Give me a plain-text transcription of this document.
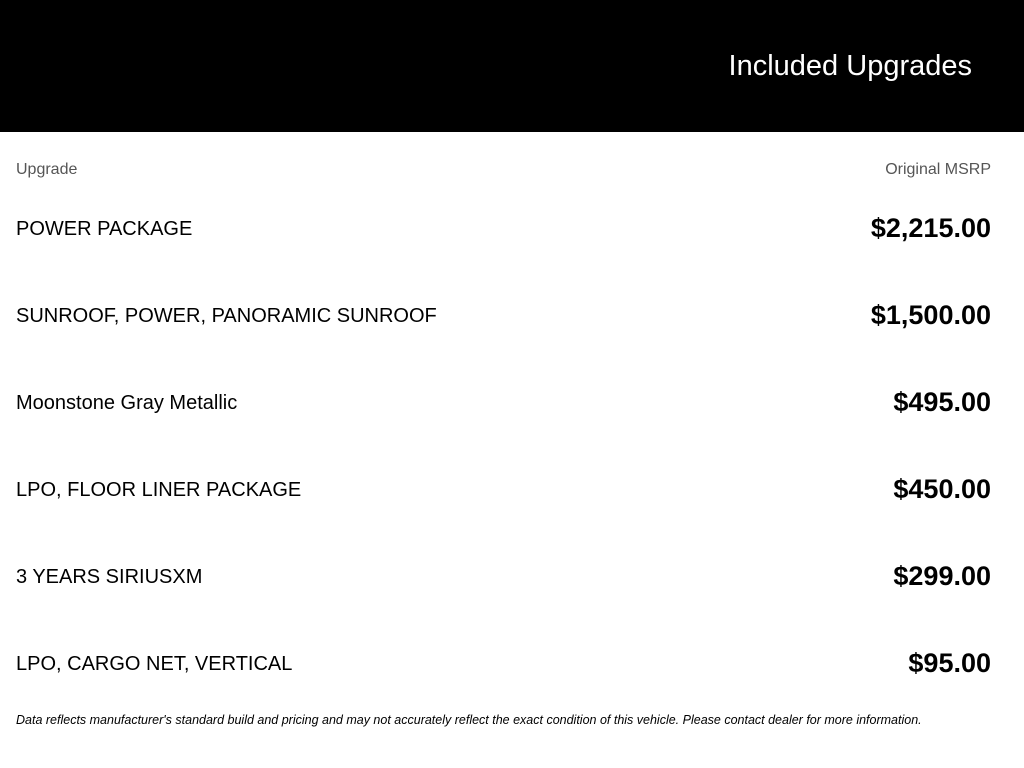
Included Upgrades
Upgrade	Original MSRP
POWER PACKAGE	$2,215.00
SUNROOF, POWER, PANORAMIC SUNROOF	$1,500.00
Moonstone Gray Metallic	$495.00
LPO, FLOOR LINER PACKAGE	$450.00
3 YEARS SIRIUSXM	$299.00
LPO, CARGO NET, VERTICAL	$95.00
Data reflects manufacturer's standard build and pricing and may not accurately reflect the exact condition of this vehicle. Please contact dealer for more information.
